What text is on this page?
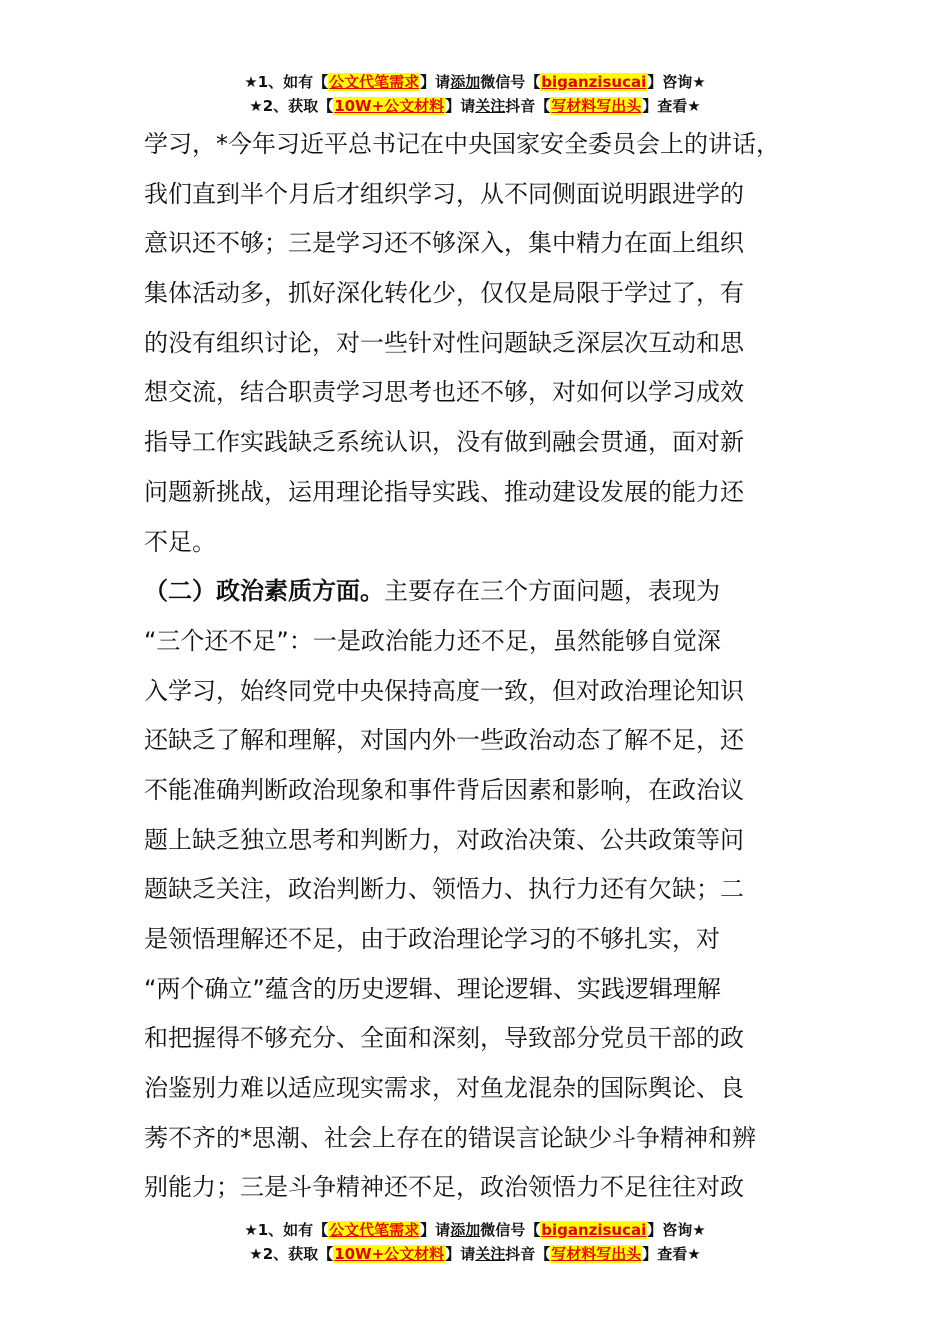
★1、如有【公文代笔需求】请添加微信号【biganzisucai】咨询★
★2、获取【10W+公文材料】请关注抖音【写材料写出头】查看★
学习，*今年习近平总书记在中央国家安全委员会上的讲话，
我们直到半个月后才组织学习，从不同侧面说明跟进学的
意识还不够；三是学习还不够深入，集中精力在面上组织
集体活动多，抓好深化转化少，仅仅是局限于学过了，有
的没有组织讨论，对一些针对性问题缺乏深层次互动和思
想交流，结合职责学习思考也还不够，对如何以学习成效
指导工作实践缺乏系统认识，没有做到融会贯通，面对新
问题新挑战，运用理论指导实践、推动建设发展的能力还
不足。
（二）政治素质方面。主要存在三个方面问题，表现为
“三个还不足”：一是政治能力还不足，虽然能够自觉深
入学习，始终同党中央保持高度一致，但对政治理论知识
还缺乏了解和理解，对国内外一些政治动态了解不足，还
不能准确判断政治现象和事件背后因素和影响，在政治议
题上缺乏独立思考和判断力，对政治决策、公共政策等问
题缺乏关注，政治判断力、领悟力、执行力还有欠缺；二
是领悟理解还不足，由于政治理论学习的不够扎实，对
“两个确立”蕴含的历史逻辑、理论逻辑、实践逻辑理解
和把握得不够充分、全面和深刻，导致部分党员干部的政
治鉴别力难以适应现实需求，对鱼龙混杂的国际舆论、良
莠不齐的*思潮、社会上存在的错误言论缺少斗争精神和辨
别能力；三是斗争精神还不足，政治领悟力不足往往对政
★1、如有【公文代笔需求】请添加微信号【biganzisucai】咨询★
★2、获取【10W+公文材料】请关注抖音【写材料写出头】查看★
